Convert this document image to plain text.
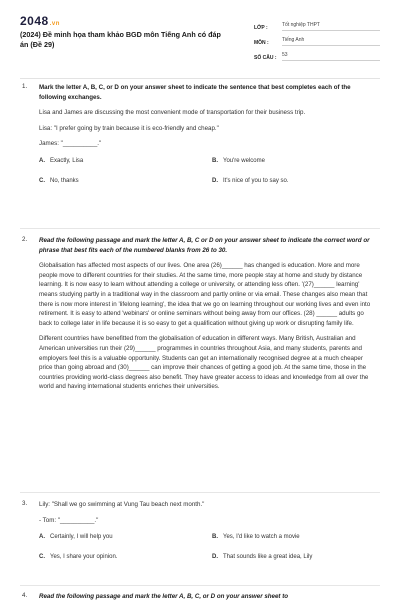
2048.vn
(2024) Đề minh họa tham khảo BGD môn Tiếng Anh có đáp án (Đề 29)
LỚP :	Tốt nghiệp THPT
MÔN :	Tiếng Anh
SỐ CÂU :	53
1. Mark the letter A, B, C, or D on your answer sheet to indicate the sentence that best completes each of the following exchanges.
Lisa and James are discussing the most convenient mode of transportation for their business trip.
Lisa: "I prefer going by train because it is eco-friendly and cheap."
James: "__________."
A. Exactly, Lisa	B. You're welcome
C. No, thanks	D. It's nice of you to say so.
2. Read the following passage and mark the letter A, B, C or D on your answer sheet to indicate the correct word or phrase that best fits each of the numbered blanks from 26 to 30.
Globalisation has affected most aspects of our lives. One area (26)______ has changed is education. More and more people move to different countries for their studies. At the same time, more people stay at home and study by distance learning. It is now easy to learn without attending a college or university, or attending less often. '(27)______ learning' means studying partly in a traditional way in the classroom and partly online or via email. These changes also mean that there is now more interest in 'lifelong learning', the idea that we go on learning throughout our working lives and even into retirement. It is easy to attend 'webinars' or online seminars without being away from our offices. (28) ______ adults go back to college later in life because it is so easy to get a qualification without giving up work or disrupting family life.
Different countries have benefitted from the globalisation of education in different ways. Many British, Australian and American universities run their (29)______ programmes in countries throughout Asia, and many students, parents and employers feel this is a valuable opportunity. Students can get an internationally recognised degree at a much cheaper price than going abroad and (30)______ can improve their chances of getting a good job. At the same time, those in the countries providing world-class degrees also benefit. They have greater access to ideas and knowledge from all over the world and having international students enriches their universities.
3. Lily: "Shall we go swimming at Vung Tau beach next month."
- Tom: "__________."
A. Certainly, I will help you	B. Yes, I'd like to watch a movie
C. Yes, I share your opinion.	D. That sounds like a great idea, Lily
4. Read the following passage and mark the letter A, B, C, or D on your answer sheet to
